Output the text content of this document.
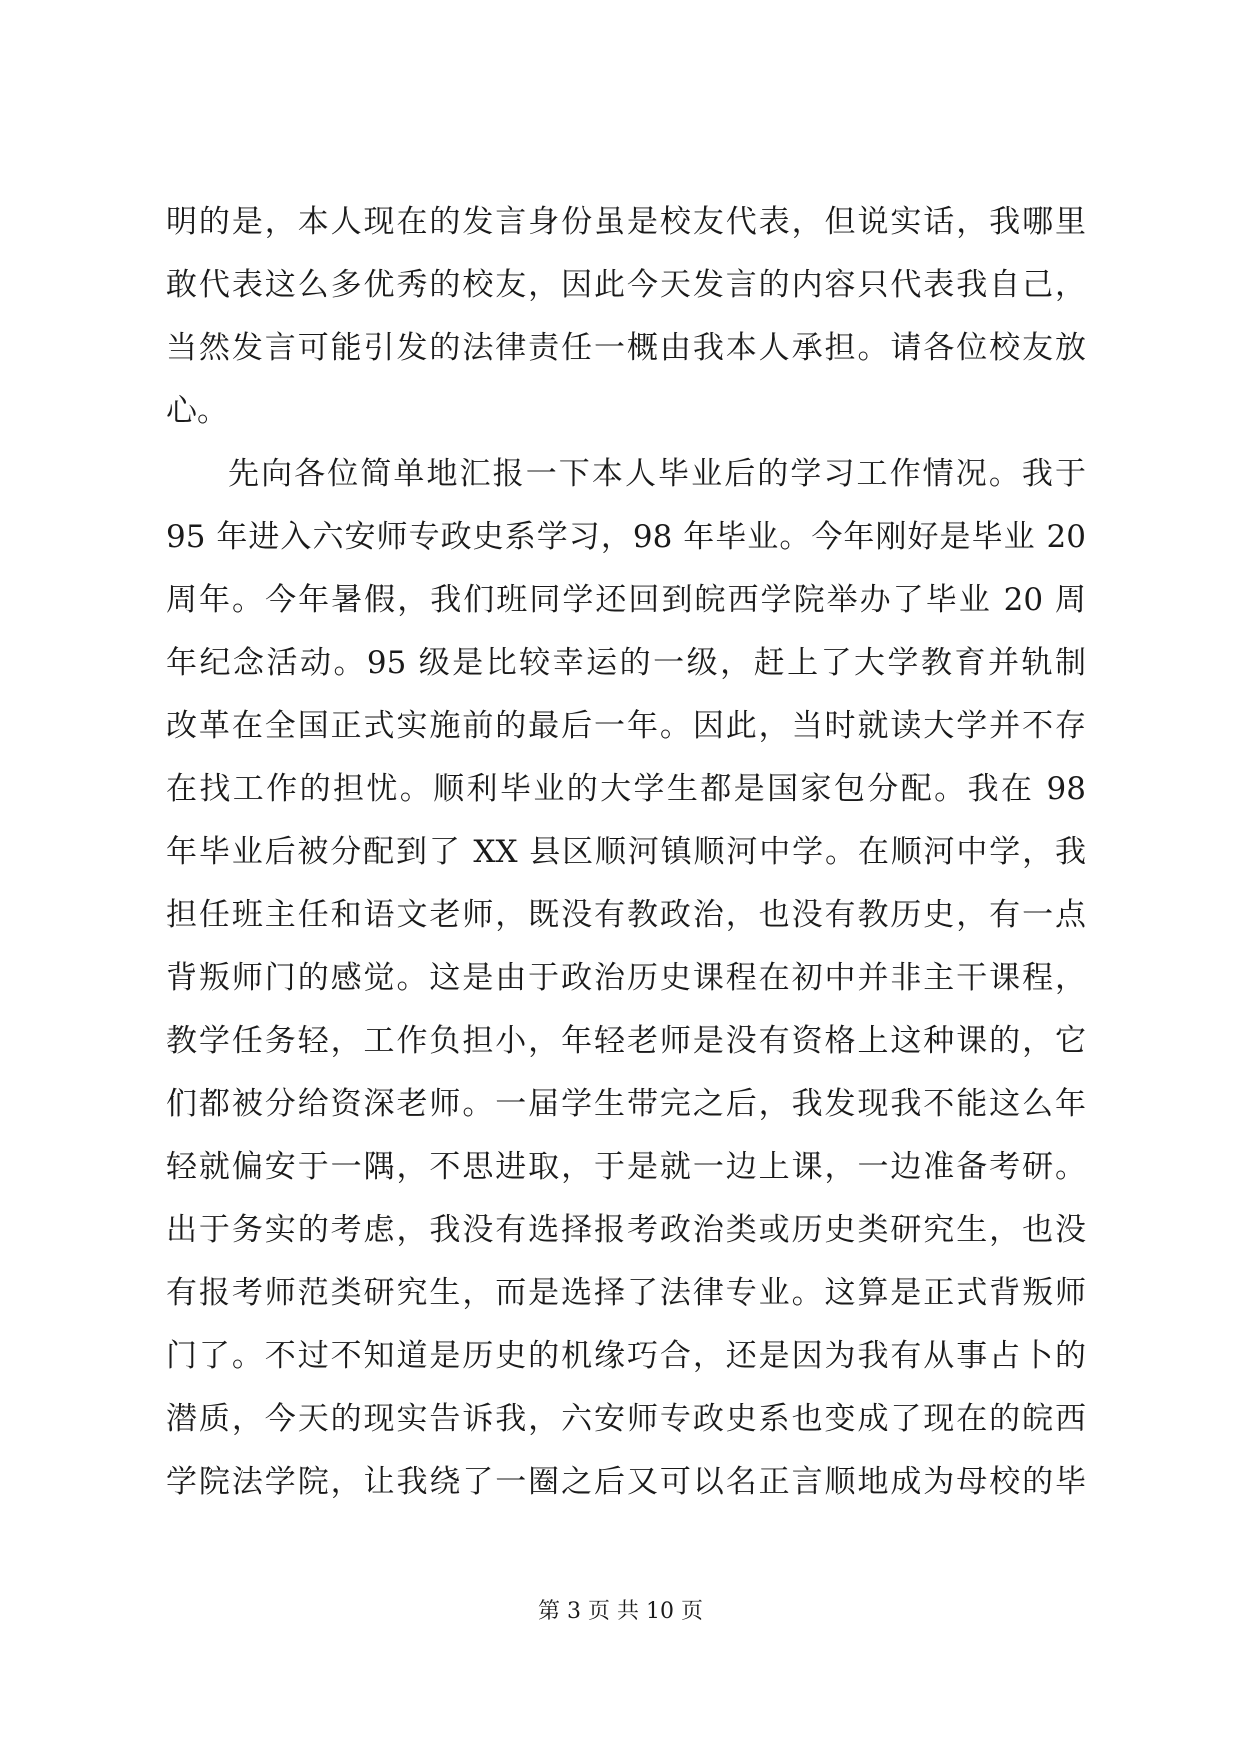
明的是，本人现在的发言身份虽是校友代表，但说实话，我哪里
敢代表这么多优秀的校友，因此今天发言的内容只代表我自己，
当然发言可能引发的法律责任一概由我本人承担。请各位校友放
心。
先向各位简单地汇报一下本人毕业后的学习工作情况。我于
95 年进入六安师专政史系学习，98 年毕业。今年刚好是毕业 20
周年。今年暑假，我们班同学还回到皖西学院举办了毕业 20 周
年纪念活动。95 级是比较幸运的一级，赶上了大学教育并轨制
改革在全国正式实施前的最后一年。因此，当时就读大学并不存
在找工作的担忧。顺利毕业的大学生都是国家包分配。我在 98
年毕业后被分配到了 XX 县区顺河镇顺河中学。在顺河中学，我
担任班主任和语文老师，既没有教政治，也没有教历史，有一点
背叛师门的感觉。这是由于政治历史课程在初中并非主干课程，
教学任务轻，工作负担小，年轻老师是没有资格上这种课的，它
们都被分给资深老师。一届学生带完之后，我发现我不能这么年
轻就偏安于一隅，不思进取，于是就一边上课，一边准备考研。
出于务实的考虑，我没有选择报考政治类或历史类研究生，也没
有报考师范类研究生，而是选择了法律专业。这算是正式背叛师
门了。不过不知道是历史的机缘巧合，还是因为我有从事占卜的
潜质，今天的现实告诉我，六安师专政史系也变成了现在的皖西
学院法学院，让我绕了一圈之后又可以名正言顺地成为母校的毕
第 3 页 共 10 页
